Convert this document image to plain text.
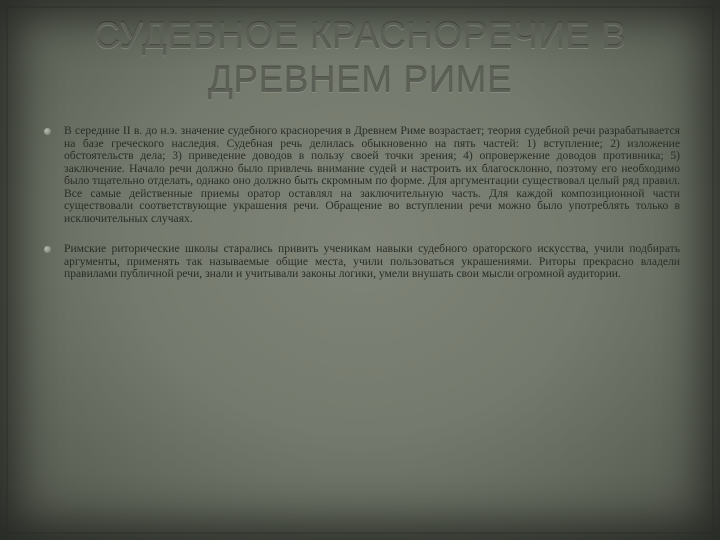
СУДЕБНОЕ КРАСНОРЕЧИЕ В
ДРЕВНЕМ РИМЕ

В середине II в. до н.э. значение судебного красноречия в Древнем Риме возрастает; теория судебной речи разрабатывается на базе греческого наследия. Судебная речь делилась обыкновенно на пять частей: 1) вступление; 2) изложение обстоятельств дела; 3) приведение доводов в пользу своей точки зрения; 4) опровержение доводов противника; 5) заключение. Начало речи должно было привлечь внимание судей и настроить их благосклонно, поэтому его необходимо было тщательно отделать, однако оно должно быть скромным по форме. Для аргументации существовал целый ряд правил. Все самые действенные приемы оратор оставлял на заключительную часть. Для каждой композиционной части существовали соответствующие украшения речи. Обращение во вступлении речи можно было употреблять только в исключительных случаях.

Римские риторические школы старались привить ученикам навыки судебного ораторского искусства, учили подбирать аргументы, применять так называемые общие места, учили пользоваться украшениями. Риторы прекрасно владели правилами публичной речи, знали и учитывали законы логики, умели внушать свои мысли огромной аудитории.
